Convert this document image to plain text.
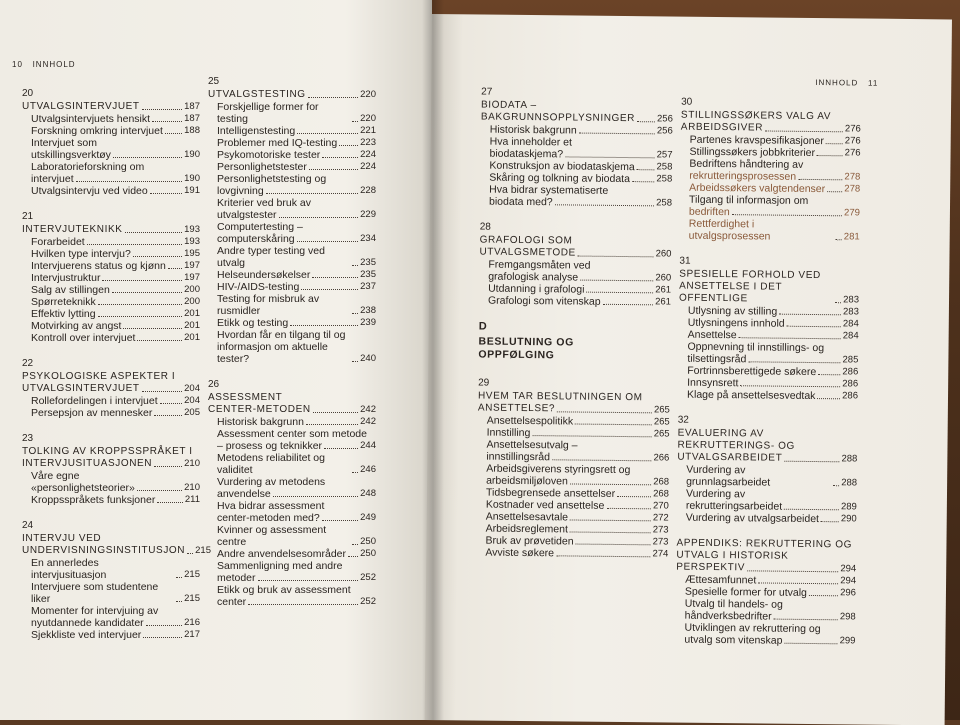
10 INNHOLD
20
UTVALGSINTERVJUET	187
Utvalgsintervjuets hensikt	187
Forskning omkring intervjuet 188
Intervjuet som
utskillingsverktøy	190
Laboratorieforskning om
intervjuet	190
Utvalgsintervju ved video	191
21
INTERVJUTEKNIKK	193
Forarbeidet	193
Hvilken type intervju?	195
Intervjuerens status og kjønn 197
Intervjustruktur	197
Salg av stillingen	200
Spørreteknikk	200
Effektiv lytting	201
Motvirking av angst	201
Kontroll over intervjuet	201
22
PSYKOLOGISKE ASPEKTER I
UTVALGSINTERVJUET	204
Rollefordelingen i intervjuet	204
Persepsjon av mennesker	205
23
TOLKING AV KROPPSSPRÅKET I
INTERVJUSITUASJONEN	210
Våre egne
«personlighetsteorier»	210
Kroppsspråkets funksjoner	211
24
INTERVJU VED
UNDERVISNINGSINSTITUSJON 215
En annerledes intervjusituasjon	215
Intervjuere som studentene liker	215
Momenter for intervjuing av
nyutdannede kandidater	216
Sjekkliste ved intervjuer	217
25
UTVALGSTESTING	220
Forskjellige former for testing	220
Intelligenstesting	221
Problemer med IQ-testing 223
Psykomotoriske tester	224
Personlighetstester	224
Personlighetstesting og
lovgivning	228
Kriterier ved bruk av
utvalgstester	229
Computertesting –
computerskåring	234
Andre typer testing ved utvalg	235
Helseundersøkelser	235
HIV-/AIDS-testing	237
Testing for misbruk av rusmidler	238
Etikk og testing	239
Hvordan får en tilgang til og
informasjon om aktuelle tester?	240
26
ASSESSMENT
CENTER-METODEN	242
Historisk bakgrunn	242
Assessment center som metode
– prosess og teknikker	244
Metodens reliabilitet og validitet	246
Vurdering av metodens
anvendelse	248
Hva bidrar assessment
center-metoden med?	249
Kvinner og assessment centre	250
Andre anvendelsesområder 250
Sammenligning med andre
metoder	252
Etikk og bruk av assessment
center	252
INNHOLD 11
27
BIODATA –
BAKGRUNNSOPPLYSNINGER 256
Historisk bakgrunn	256
Hva inneholder et
biodataskjema?	257
Konstruksjon av biodataskjema 258
Skåring og tolkning av biodata	258
Hva bidrar systematiserte
biodata med?	258
28
GRAFOLOGI SOM
UTVALGSMETODE	260
Fremgangsmåten ved
grafologisk analyse	260
Utdanning i grafologi	261
Grafologi som vitenskap	261
D
BESLUTNING OG
OPPFØLGING
29
HVEM TAR BESLUTNINGEN OM
ANSETTELSE?	265
Ansettelsespolitikk	265
Innstilling	265
Ansettelsesutvalg –
innstillingsråd	266
Arbeidsgiverens styringsrett og
arbeidsmiljøloven	268
Tidsbegrensede ansettelser	268
Kostnader ved ansettelse	270
Ansettelsesavtale	272
Arbeidsreglement	273
Bruk av prøvetiden	273
Avviste søkere	274
30
STILLINGSSØKERS VALG AV
ARBEIDSGIVER	276
Partenes kravspesifikasjoner 276
Stillingssøkers jobbkriterier	276
Bedriftens håndtering av
rekrutteringsprosessen	278
Arbeidssøkers valgtendenser 278
Tilgang til informasjon om
bedriften	279
Rettferdighet i utvalgsprosessen	281
31
SPESIELLE FORHOLD VED
ANSETTELSE I DET OFFENTLIGE	283
Utlysning av stilling	283
Utlysningens innhold	284
Ansettelse	284
Oppnevning til innstillings- og
tilsettingsråd	285
Fortrinnsberettigede søkere	286
Innsynsrett	286
Klage på ansettelsesvedtak	286
32
EVALUERING AV
REKRUTTERINGS- OG
UTVALGSARBEIDET	288
Vurdering av grunnlagsarbeidet	288
Vurdering av
rekrutteringsarbeidet	289
Vurdering av utvalgsarbeidet 290
APPENDIKS: REKRUTTERING OG
UTVALG I HISTORISK
PERSPEKTIV	294
Ættesamfunnet	294
Spesielle former for utvalg	296
Utvalg til handels- og
håndverksbedrifter	298
Utviklingen av rekruttering og
utvalg som vitenskap	299
